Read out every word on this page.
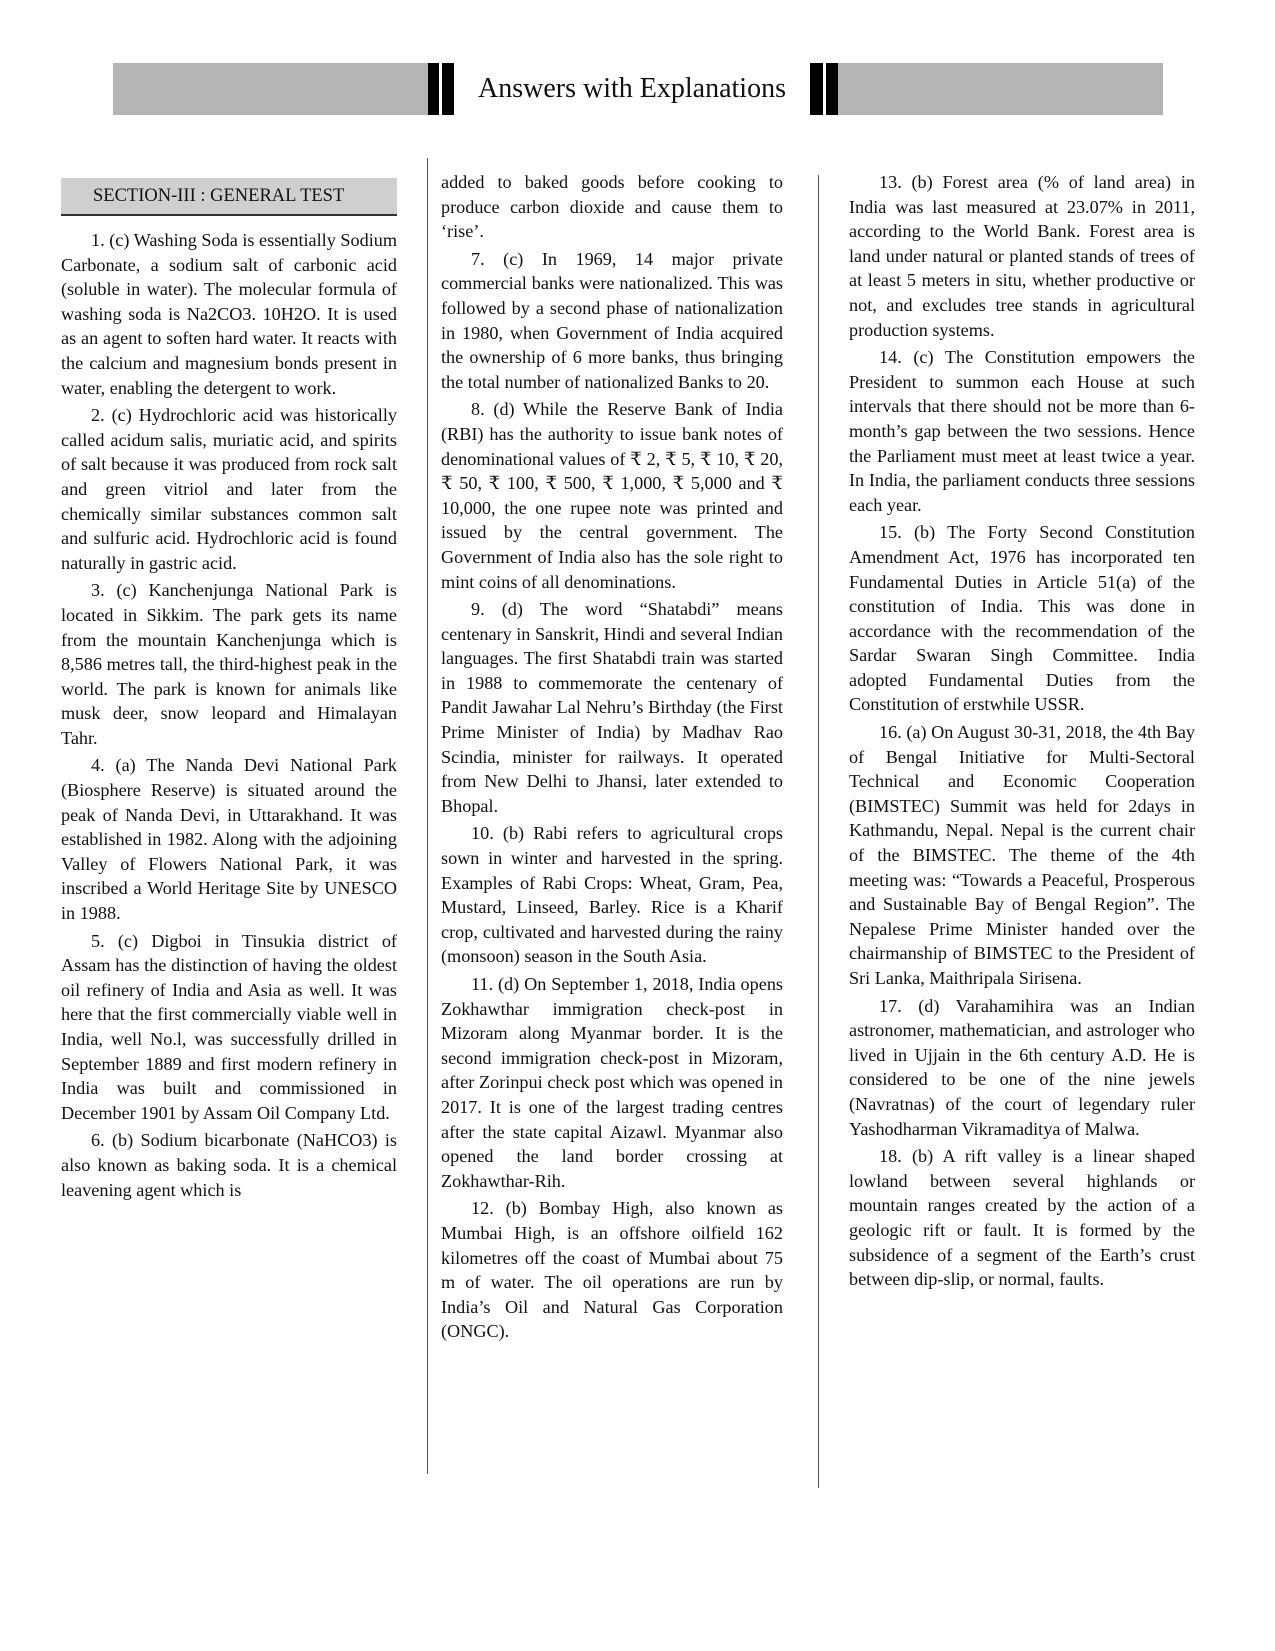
Answers with Explanations
SECTION-III : GENERAL TEST

1. (c) Washing Soda is essentially Sodium Carbonate, a sodium salt of carbonic acid (soluble in water). The molecular formula of washing soda is Na2CO3. 10H2O. It is used as an agent to soften hard water. It reacts with the calcium and magnesium bonds present in water, enabling the detergent to work.

2. (c) Hydrochloric acid was historically called acidum salis, muriatic acid, and spirits of salt because it was produced from rock salt and green vitriol and later from the chemically similar substances common salt and sulfuric acid. Hydrochloric acid is found naturally in gastric acid.

3. (c) Kanchenjunga National Park is located in Sikkim. The park gets its name from the mountain Kanchenjunga which is 8,586 metres tall, the third-highest peak in the world. The park is known for animals like musk deer, snow leopard and Himalayan Tahr.

4. (a) The Nanda Devi National Park (Biosphere Reserve) is situated around the peak of Nanda Devi, in Uttarakhand. It was established in 1982. Along with the adjoining Valley of Flowers National Park, it was inscribed a World Heritage Site by UNESCO in 1988.

5. (c) Digboi in Tinsukia district of Assam has the distinction of having the oldest oil refinery of India and Asia as well. It was here that the first commercially viable well in India, well No.l, was successfully drilled in September 1889 and first modern refinery in India was built and commissioned in December 1901 by Assam Oil Company Ltd.

6. (b) Sodium bicarbonate (NaHCO3) is also known as baking soda. It is a chemical leavening agent which is

added to baked goods before cooking to produce carbon dioxide and cause them to ‘rise’.

7. (c) In 1969, 14 major private commercial banks were nationalized. This was followed by a second phase of nationalization in 1980, when Government of India acquired the ownership of 6 more banks, thus bringing the total number of nationalized Banks to 20.

8. (d) While the Reserve Bank of India (RBI) has the authority to issue bank notes of denominational values of ₹ 2, ₹ 5, ₹ 10, ₹ 20, ₹ 50, ₹ 100, ₹ 500, ₹ 1,000, ₹ 5,000 and ₹ 10,000, the one rupee note was printed and issued by the central government. The Government of India also has the sole right to mint coins of all denominations.

9. (d) The word “Shatabdi” means centenary in Sanskrit, Hindi and several Indian languages. The first Shatabdi train was started in 1988 to commemorate the centenary of Pandit Jawahar Lal Nehru’s Birthday (the First Prime Minister of India) by Madhav Rao Scindia, minister for railways. It operated from New Delhi to Jhansi, later extended to Bhopal.

10. (b) Rabi refers to agricultural crops sown in winter and harvested in the spring. Examples of Rabi Crops: Wheat, Gram, Pea, Mustard, Linseed, Barley. Rice is a Kharif crop, cultivated and harvested during the rainy (monsoon) season in the South Asia.

11. (d) On September 1, 2018, India opens Zokhawthar immigration check-post in Mizoram along Myanmar border. It is the second immigration check-post in Mizoram, after Zorinpui check post which was opened in 2017. It is one of the largest trading centres after the state capital Aizawl. Myanmar also opened the land border crossing at Zokhawthar-Rih.

12. (b) Bombay High, also known as Mumbai High, is an offshore oilfield 162 kilometres off the coast of Mumbai about 75 m of water. The oil operations are run by India’s Oil and Natural Gas Corporation (ONGC).

13. (b) Forest area (% of land area) in India was last measured at 23.07% in 2011, according to the World Bank. Forest area is land under natural or planted stands of trees of at least 5 meters in situ, whether productive or not, and excludes tree stands in agricultural production systems.

14. (c) The Constitution empowers the President to summon each House at such intervals that there should not be more than 6-month’s gap between the two sessions. Hence the Parliament must meet at least twice a year. In India, the parliament conducts three sessions each year.

15. (b) The Forty Second Constitution Amendment Act, 1976 has incorporated ten Fundamental Duties in Article 51(a) of the constitution of India. This was done in accordance with the recommendation of the Sardar Swaran Singh Committee. India adopted Fundamental Duties from the Constitution of erstwhile USSR.

16. (a) On August 30-31, 2018, the 4th Bay of Bengal Initiative for Multi-Sectoral Technical and Economic Cooperation (BIMSTEC) Summit was held for 2days in Kathmandu, Nepal. Nepal is the current chair of the BIMSTEC. The theme of the 4th meeting was: “Towards a Peaceful, Prosperous and Sustainable Bay of Bengal Region”. The Nepalese Prime Minister handed over the chairmanship of BIMSTEC to the President of Sri Lanka, Maithripala Sirisena.

17. (d) Varahamihira was an Indian astronomer, mathematician, and astrologer who lived in Ujjain in the 6th century A.D. He is considered to be one of the nine jewels (Navratnas) of the court of legendary ruler Yashodharman Vikramaditya of Malwa.

18. (b) A rift valley is a linear shaped lowland between several highlands or mountain ranges created by the action of a geologic rift or fault. It is formed by the subsidence of a segment of the Earth’s crust between dip-slip, or normal, faults.
